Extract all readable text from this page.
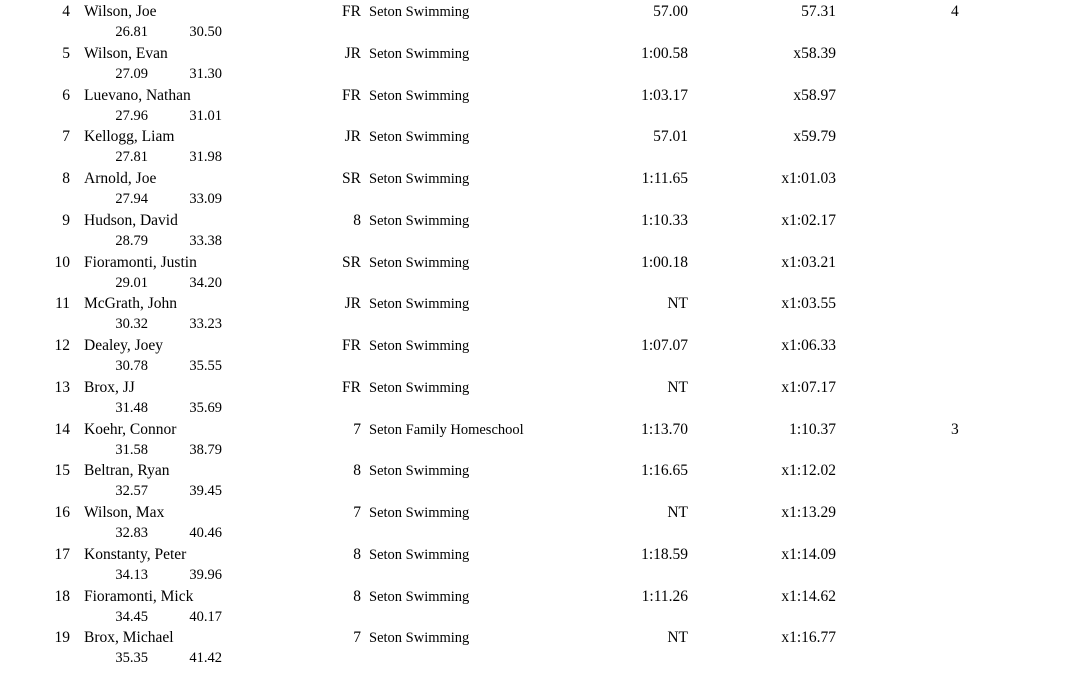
4 Wilson, Joe	FR Seton Swimming	57.00	57.31	4
26.81	30.50
5 Wilson, Evan	JR Seton Swimming	1:00.58	x58.39
27.09	31.30
6 Luevano, Nathan	FR Seton Swimming	1:03.17	x58.97
27.96	31.01
7 Kellogg, Liam	JR Seton Swimming	57.01	x59.79
27.81	31.98
8 Arnold, Joe	SR Seton Swimming	1:11.65	x1:01.03
27.94	33.09
9 Hudson, David	8 Seton Swimming	1:10.33	x1:02.17
28.79	33.38
10 Fioramonti, Justin	SR Seton Swimming	1:00.18	x1:03.21
29.01	34.20
11 McGrath, John	JR Seton Swimming	NT	x1:03.55
30.32	33.23
12 Dealey, Joey	FR Seton Swimming	1:07.07	x1:06.33
30.78	35.55
13 Brox, JJ	FR Seton Swimming	NT	x1:07.17
31.48	35.69
14 Koehr, Connor	7 Seton Family Homeschool	1:13.70	1:10.37	3
31.58	38.79
15 Beltran, Ryan	8 Seton Swimming	1:16.65	x1:12.02
32.57	39.45
16 Wilson, Max	7 Seton Swimming	NT	x1:13.29
32.83	40.46
17 Konstanty, Peter	8 Seton Swimming	1:18.59	x1:14.09
34.13	39.96
18 Fioramonti, Mick	8 Seton Swimming	1:11.26	x1:14.62
34.45	40.17
19 Brox, Michael	7 Seton Swimming	NT	x1:16.77
35.35	41.42
